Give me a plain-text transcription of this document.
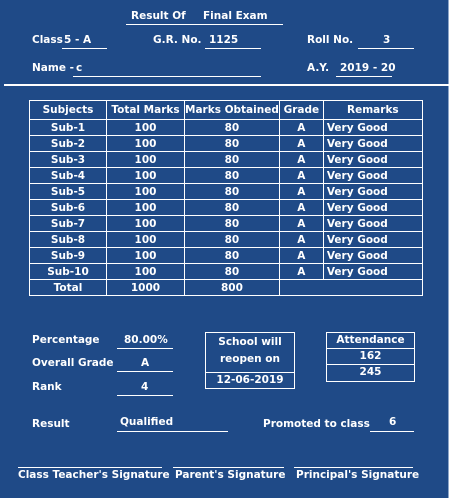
Result Of Final Exam
Class 5 - A	G.R. No. 1125	Roll No.	3
Name - c	A.Y. 2019 - 20
Subjects	Total Marks	Marks Obtained	Grade	Remarks
Sub-1	100	80	A	Very Good
Sub-2	100	80	A	Very Good
Sub-3	100	80	A	Very Good
Sub-4	100	80	A	Very Good
Sub-5	100	80	A	Very Good
Sub-6	100	80	A	Very Good
Sub-7	100	80	A	Very Good
Sub-8	100	80	A	Very Good
Sub-9	100	80	A	Very Good
Sub-10	100	80	A	Very Good
Total	1000	800		
Percentage 80.00%
Overall Grade	A
Rank	4
School will
reopen on
12-06-2019
Attendance
162
245
Result	Qualified	Promoted to class 6
Class Teacher's Signature Parent's Signature Principal's Signature
